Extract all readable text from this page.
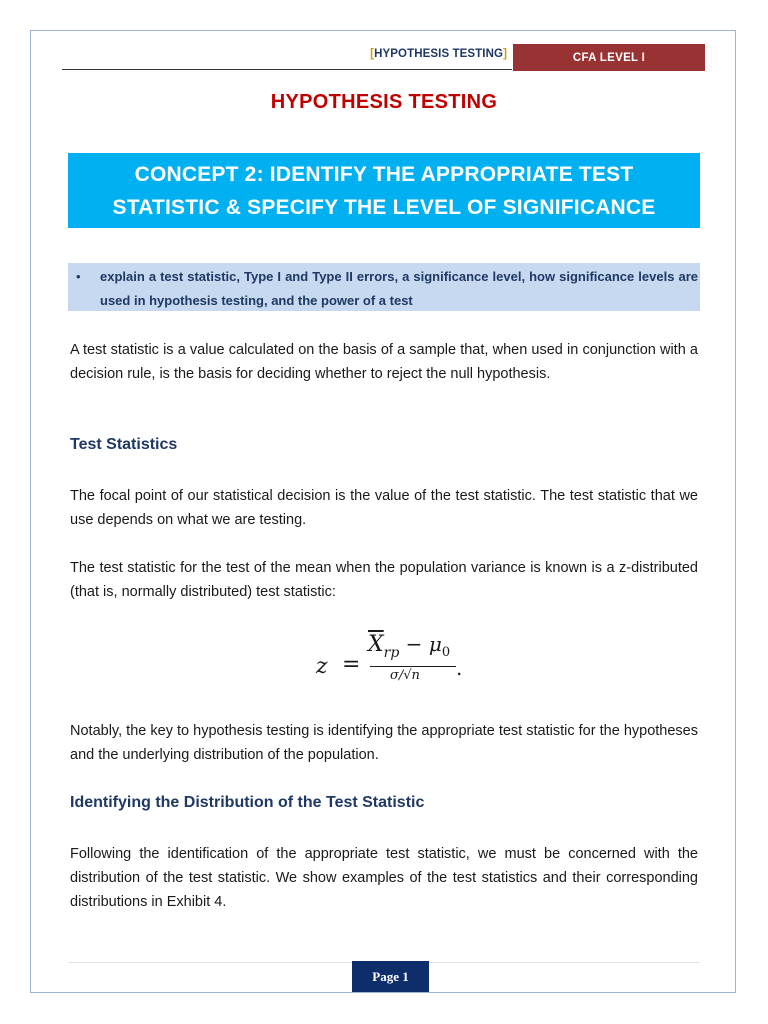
[HYPOTHESIS TESTING]	CFA LEVEL I
HYPOTHESIS TESTING
CONCEPT 2: IDENTIFY THE APPROPRIATE TEST
STATISTIC & SPECIFY THE LEVEL OF SIGNIFICANCE
•	explain a test statistic, Type I and Type II errors, a significance level, how significance levels are used in hypothesis testing, and the power of a test
A test statistic is a value calculated on the basis of a sample that, when used in conjunction with a decision rule, is the basis for deciding whether to reject the null hypothesis.
Test Statistics
The focal point of our statistical decision is the value of the test statistic. The test statistic that we use depends on what we are testing.
The test statistic for the test of the mean when the population variance is known is a z-distributed (that is, normally distributed) test statistic:
z =
$\overline{X}_{rp} - \mu_0$
σ/√n .
Notably, the key to hypothesis testing is identifying the appropriate test statistic for the hypotheses and the underlying distribution of the population.
Identifying the Distribution of the Test Statistic
Following the identification of the appropriate test statistic, we must be concerned with the distribution of the test statistic. We show examples of the test statistics and their corresponding distributions in Exhibit 4.
Page 1
